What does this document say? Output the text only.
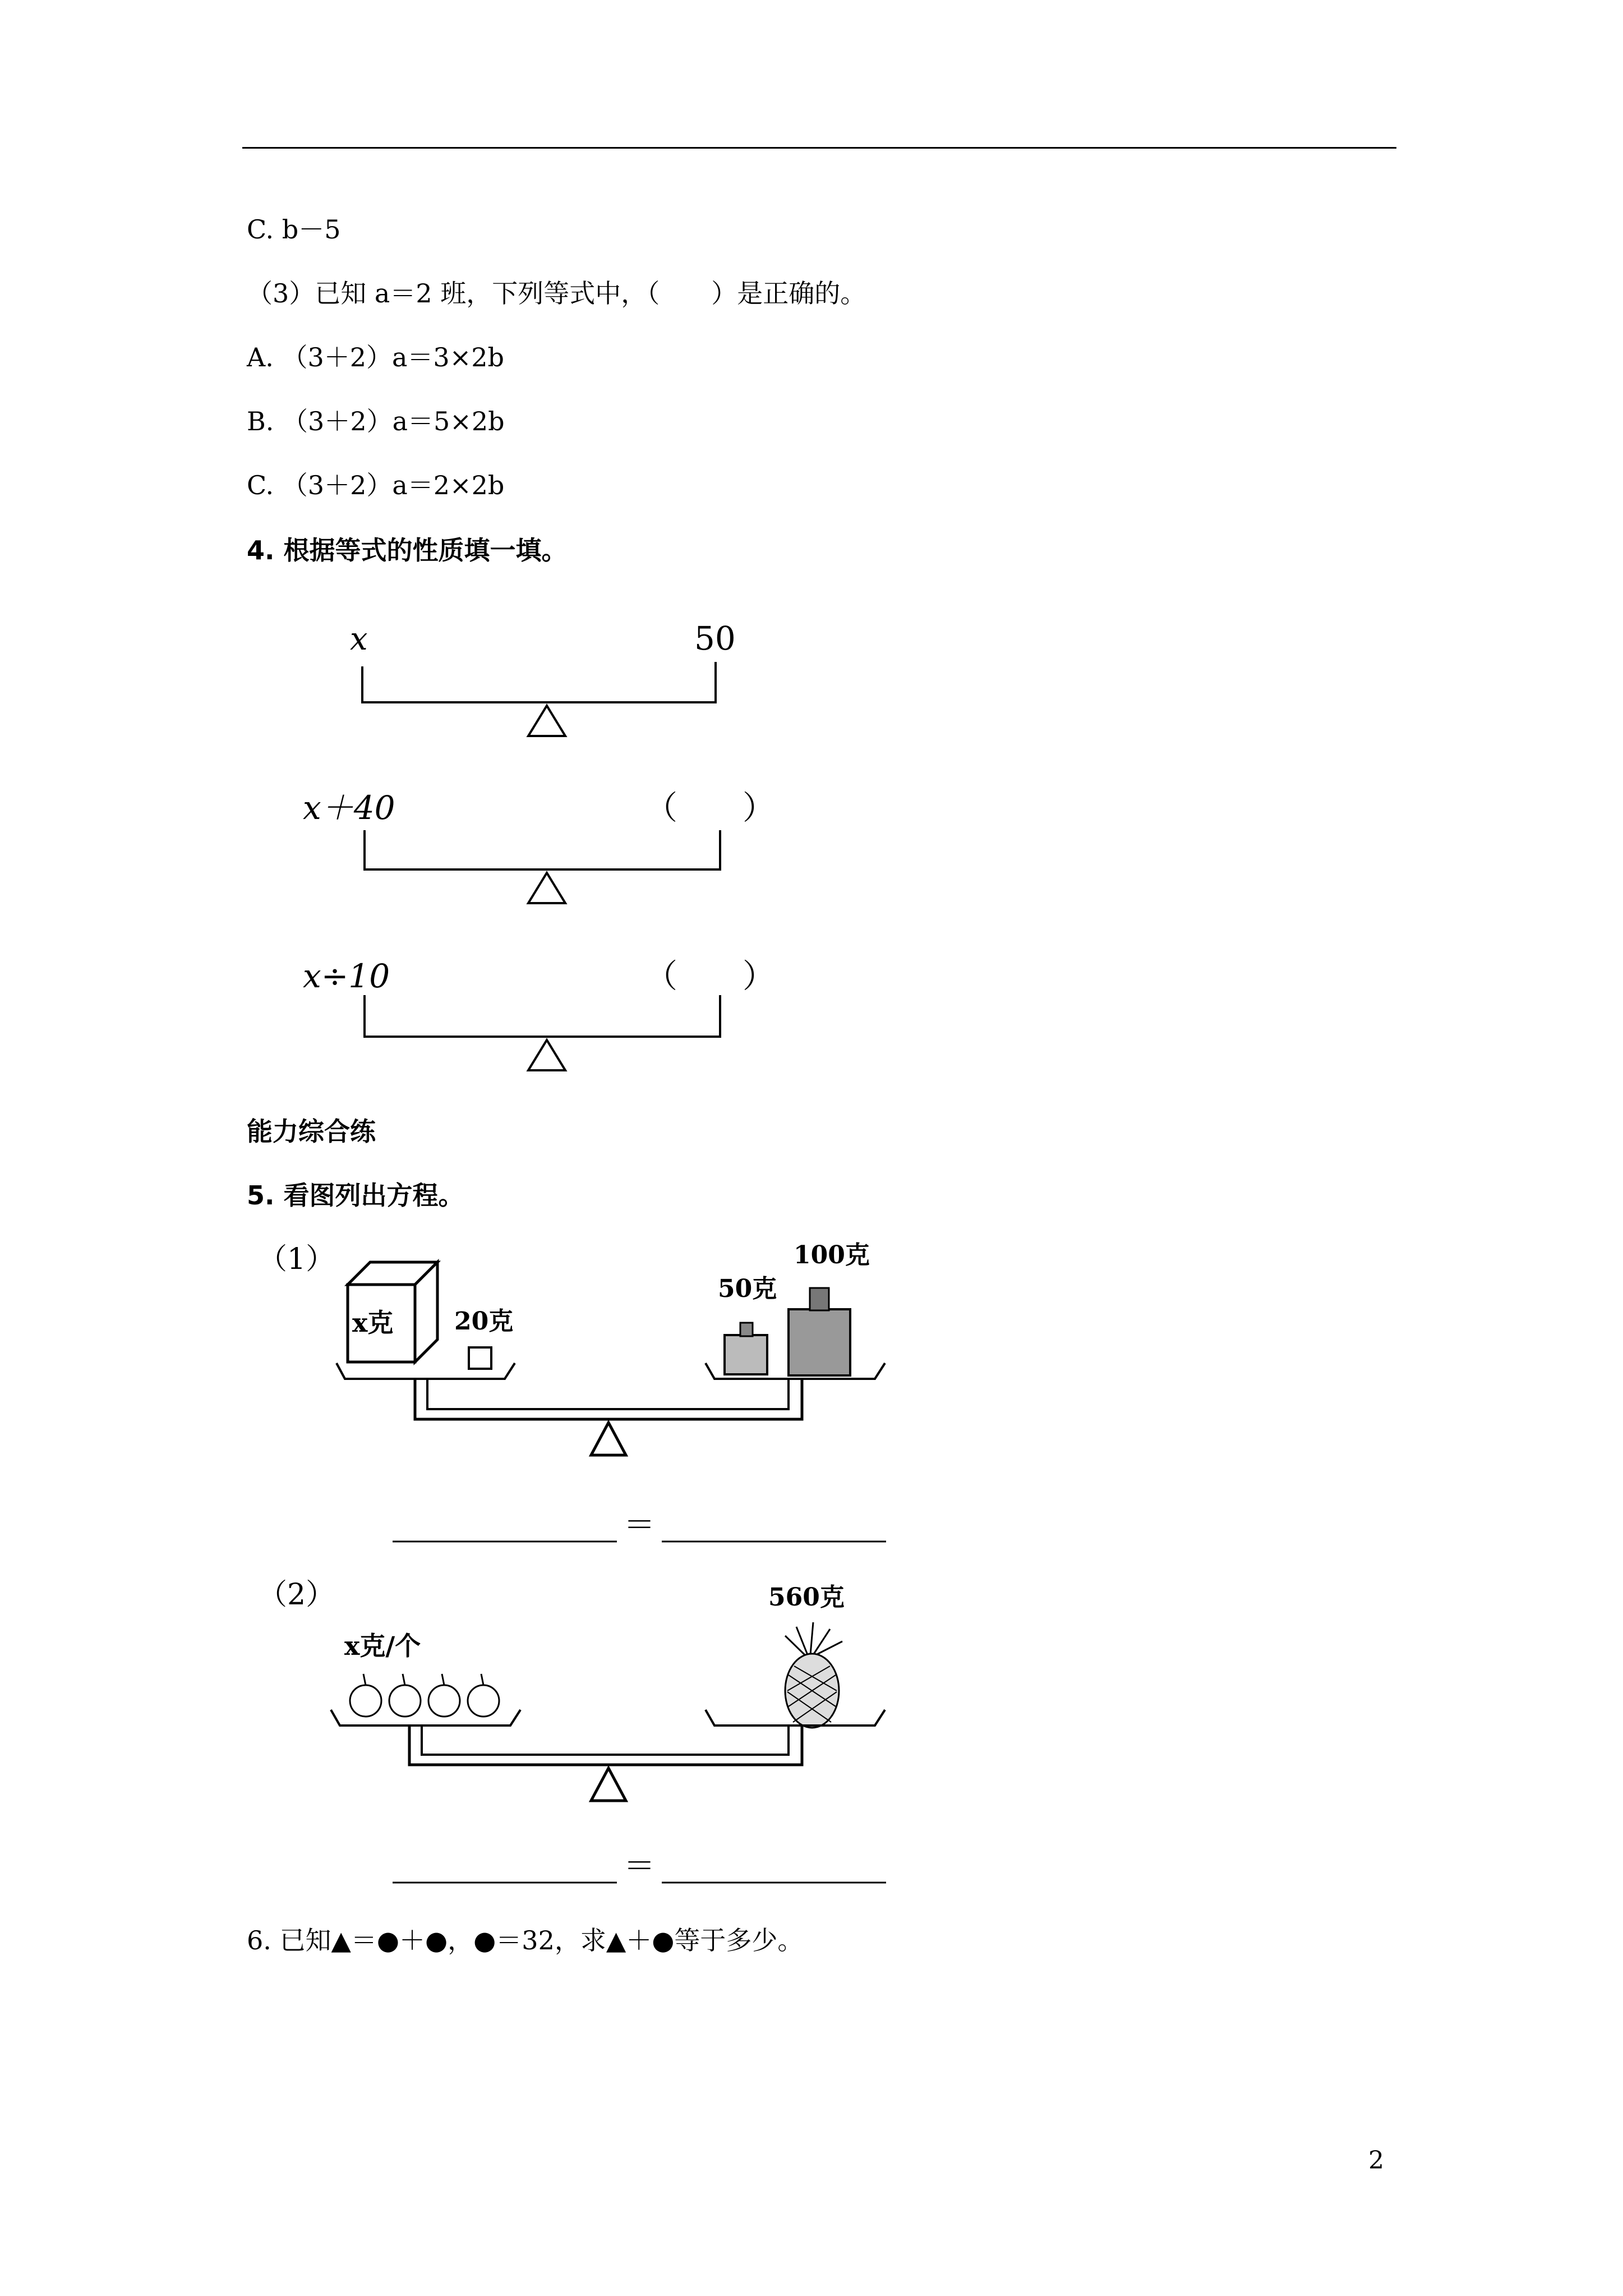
C. b－5
（3）已知 a＝2 班，下列等式中，（　　）是正确的。
A. （3＋2）a＝3×2b
B. （3＋2）a＝5×2b
C. （3＋2）a＝2×2b
4. 根据等式的性质填一填。
x	50
x＋40	（　　）
x÷10	（　　）
能力综合练
5. 看图列出方程。
（1）
x克 20克
50克
100克
＝
（2）
x克/个
560克
＝
6. 已知▲＝●＋●，●＝32，求▲＋●等于多少。
2
